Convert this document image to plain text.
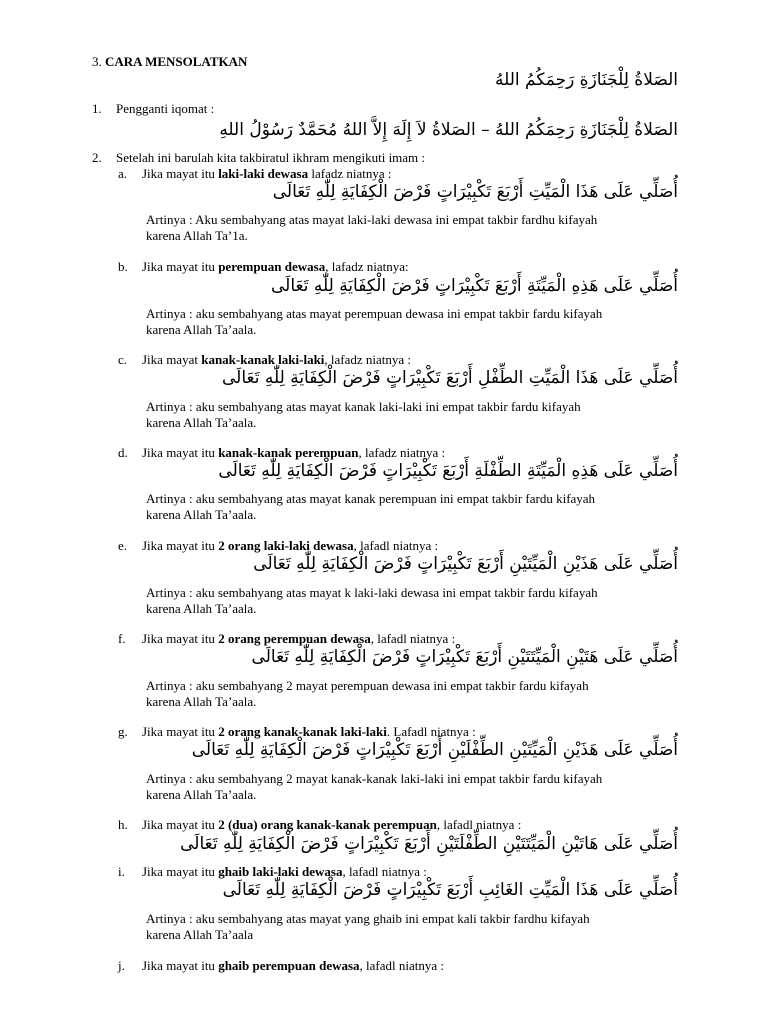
3. CARA MENSOLATKAN
الصَلاةُ لِلْجَنَازَةِ رَحِمَكُمُ اللهُ
1. Pengganti iqomat :
الصَلاةُ لِلْجَنَازَةِ رَحِمَكُمُ اللهُ – الصَلاةُ لاَ إِلَهَ إِلاَّ اللهُ مُحَمَّدٌ رَسُوْلُ اللهِ
2. Setelah ini barulah kita takbiratul ikhram mengikuti imam :
a. Jika mayat itu laki-laki dewasa lafadz niatnya :
أُصَلِّي عَلَى هَذَا الْمَيِّتِ أَرْبَعَ تَكْبِيْرَاتٍ فَرْضَ الْكِفَايَةِ لِلّٰهِ تَعَالَى
Artinya : Aku sembahyang atas mayat laki-laki dewasa ini empat takbir fardhu kifayah
karena Allah Ta’1a.
b. Jika mayat itu perempuan dewasa, lafadz niatnya:
أُصَلِّي عَلَى هَذِهِ الْمَيِّتَةِ أَرْبَعَ تَكْبِيْرَاتٍ فَرْضَ الْكِفَايَةِ لِلّٰهِ تَعَالَى
Artinya : aku sembahyang atas mayat perempuan dewasa ini empat takbir fardu kifayah
karena Allah Ta’aala.
c. Jika mayat kanak-kanak laki-laki, lafadz niatnya :
أُصَلِّي عَلَى هَذَا الْمَيِّتِ الطِّفْلِ أَرْبَعَ تَكْبِيْرَاتٍ فَرْضَ الْكِفَايَةِ لِلّٰهِ تَعَالَى
Artinya : aku sembahyang atas mayat kanak laki-laki ini empat takbir fardu kifayah
karena Allah Ta’aala.
d. Jika mayat itu kanak-kanak perempuan, lafadz niatnya :
أُصَلِّي عَلَى هَذِهِ الْمَيِّتَةِ الطِّفْلَةِ أَرْبَعَ تَكْبِيْرَاتٍ فَرْضَ الْكِفَايَةِ لِلّٰهِ تَعَالَى
Artinya : aku sembahyang atas mayat kanak perempuan ini empat takbir fardu kifayah
karena Allah Ta’aala.
e. Jika mayat itu 2 orang laki-laki dewasa, lafadl niatnya :
أُصَلِّي عَلَى هَذَيْنِ الْمَيِّتَيْنِ أَرْبَعَ تَكْبِيْرَاتٍ فَرْضَ الْكِفَايَةِ لِلّٰهِ تَعَالَى
Artinya : aku sembahyang atas mayat k laki-laki dewasa ini empat takbir fardu kifayah
karena Allah Ta’aala.
f. Jika mayat itu 2 orang perempuan dewasa, lafadl niatnya :
أُصَلِّي عَلَى هَتَيْنِ الْمَيِّتَتَيْنِ أَرْبَعَ تَكْبِيْرَاتٍ فَرْضَ الْكِفَايَةِ لِلّٰهِ تَعَالَى
Artinya : aku sembahyang 2 mayat perempuan dewasa ini empat takbir fardu kifayah
karena Allah Ta’aala.
g. Jika mayat itu 2 orang kanak-kanak laki-laki. Lafadl niatnya :
أُصَلِّي عَلَى هَذَيْنِ الْمَيِّتَيْنِ الطِّفْلَيْنِ أَرْبَعَ تَكْبِيْرَاتٍ فَرْضَ الْكِفَايَةِ لِلّٰهِ تَعَالَى
Artinya : aku sembahyang 2 mayat kanak-kanak laki-laki ini empat takbir fardu kifayah
karena Allah Ta’aala.
h. Jika mayat itu 2 (dua) orang kanak-kanak perempuan, lafadl niatnya :
أُصَلِّي عَلَى هَاتَيْنِ الْمَيِّتَتَيْنِ الطِّفْلَتَيْنِ أَرْبَعَ تَكْبِيْرَاتٍ فَرْضَ الْكِفَايَةِ لِلّٰهِ تَعَالَى
i. Jika mayat itu ghaib laki-laki dewasa, lafadl niatnya :
أُصَلِّي عَلَى هَذَا الْمَيِّتِ الغَائِبِ أَرْبَعَ تَكْبِيْرَاتٍ فَرْضَ الْكِفَايَةِ لِلّٰهِ تَعَالَى
Artinya : aku sembahyang atas mayat yang ghaib ini empat kali takbir fardhu kifayah
karena Allah Ta’aala
j. Jika mayat itu ghaib perempuan dewasa, lafadl niatnya :
